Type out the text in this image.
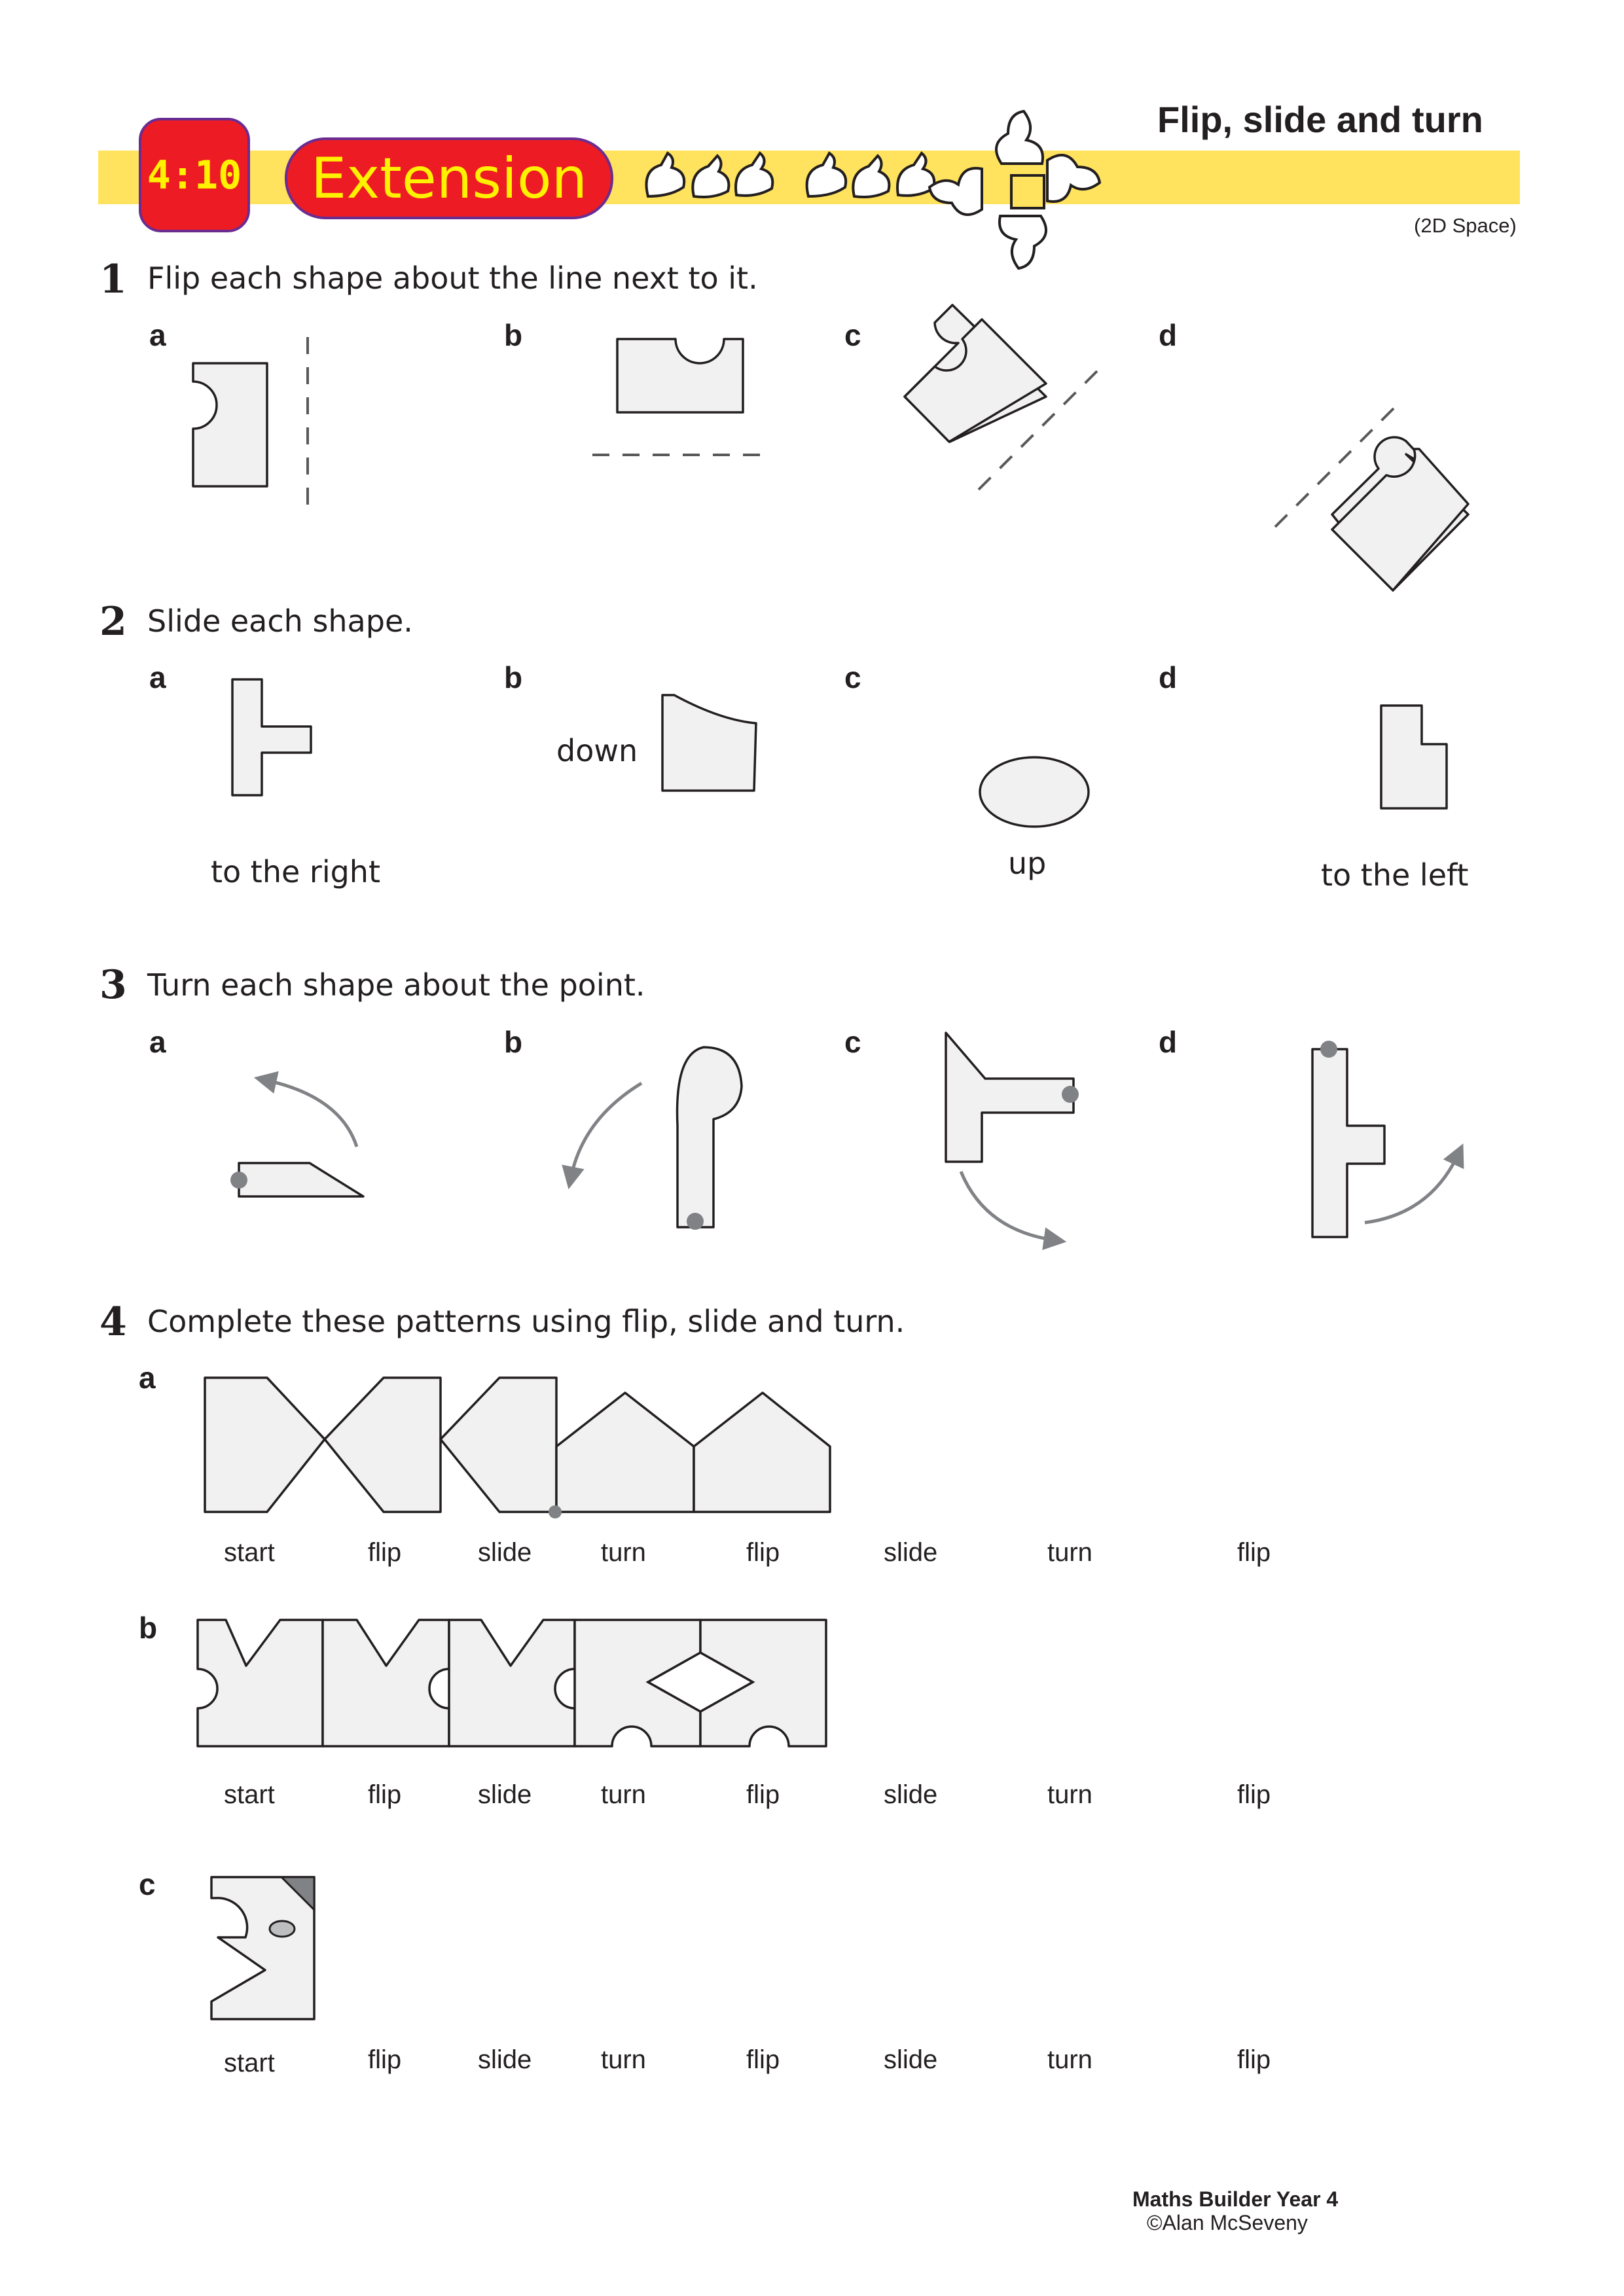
Flip, slide and turn
4:10	Extension
(2D Space)
1 Flip each shape about the line next to it.
a	b	c	d
2 Slide each shape.
a	b	c	d
to the right
down
up	to the left
3 Turn each shape about the point.
a	b	c	d
4 Complete these patterns using flip, slide and turn.
a
b
c
start	flip	slide	turn	flip	slide	turn	flip
start	flip	slide	turn	flip	slide	turn	flip
start	flip	slide	turn	flip	slide	turn	flip
Maths Builder Year 4
©Alan McSeveny
